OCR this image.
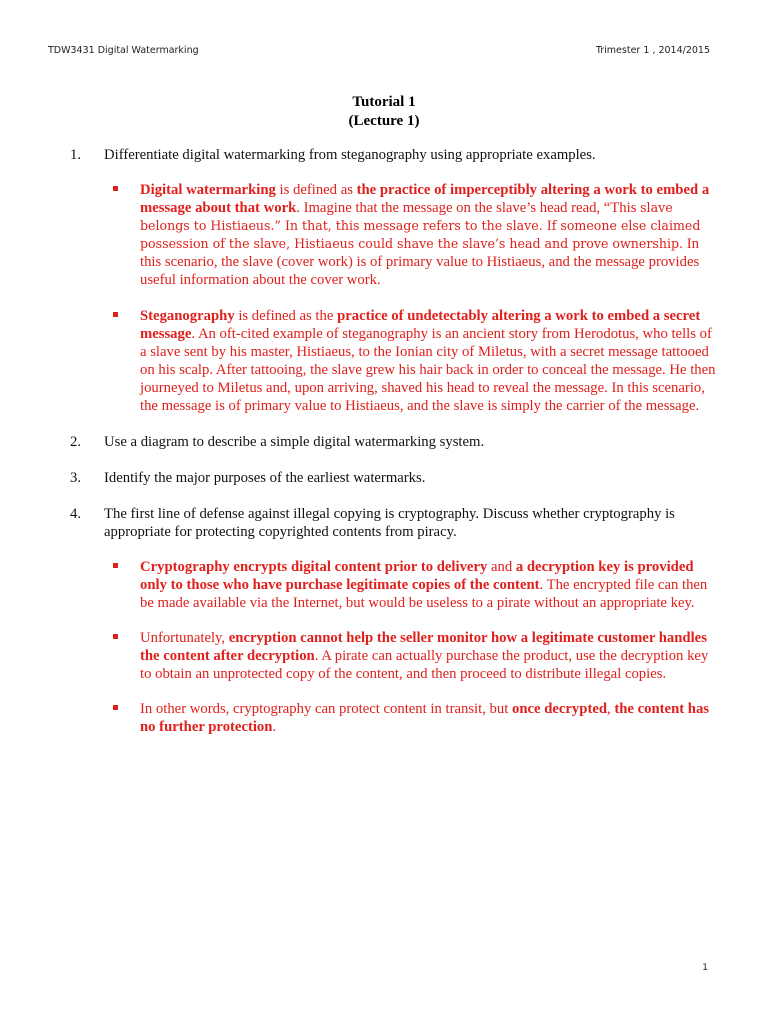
TDW3431 Digital Watermarking	Trimester 1 , 2014/2015
Tutorial 1
(Lecture 1)
1.	Differentiate digital watermarking from steganography using appropriate examples.
Digital watermarking is defined as the practice of imperceptibly altering a work to embed a message about that work. Imagine that the message on the slave’s head read, “This slave belongs to Histiaeus.” In that, this message refers to the slave. If someone else claimed possession of the slave, Histiaeus could shave the slave’s head and prove ownership. In this scenario, the slave (cover work) is of primary value to Histiaeus, and the message provides useful information about the cover work.
Steganography is defined as the practice of undetectably altering a work to embed a secret message. An oft-cited example of steganography is an ancient story from Herodotus, who tells of a slave sent by his master, Histiaeus, to the Ionian city of Miletus, with a secret message tattooed on his scalp. After tattooing, the slave grew his hair back in order to conceal the message. He then journeyed to Miletus and, upon arriving, shaved his head to reveal the message. In this scenario, the message is of primary value to Histiaeus, and the slave is simply the carrier of the message.
2.	Use a diagram to describe a simple digital watermarking system.
3.	Identify the major purposes of the earliest watermarks.
4.	The first line of defense against illegal copying is cryptography. Discuss whether cryptography is appropriate for protecting copyrighted contents from piracy.
Cryptography encrypts digital content prior to delivery and a decryption key is provided only to those who have purchase legitimate copies of the content. The encrypted file can then be made available via the Internet, but would be useless to a pirate without an appropriate key.
Unfortunately, encryption cannot help the seller monitor how a legitimate customer handles the content after decryption. A pirate can actually purchase the product, use the decryption key to obtain an unprotected copy of the content, and then proceed to distribute illegal copies.
In other words, cryptography can protect content in transit, but once decrypted, the content has no further protection.
1
